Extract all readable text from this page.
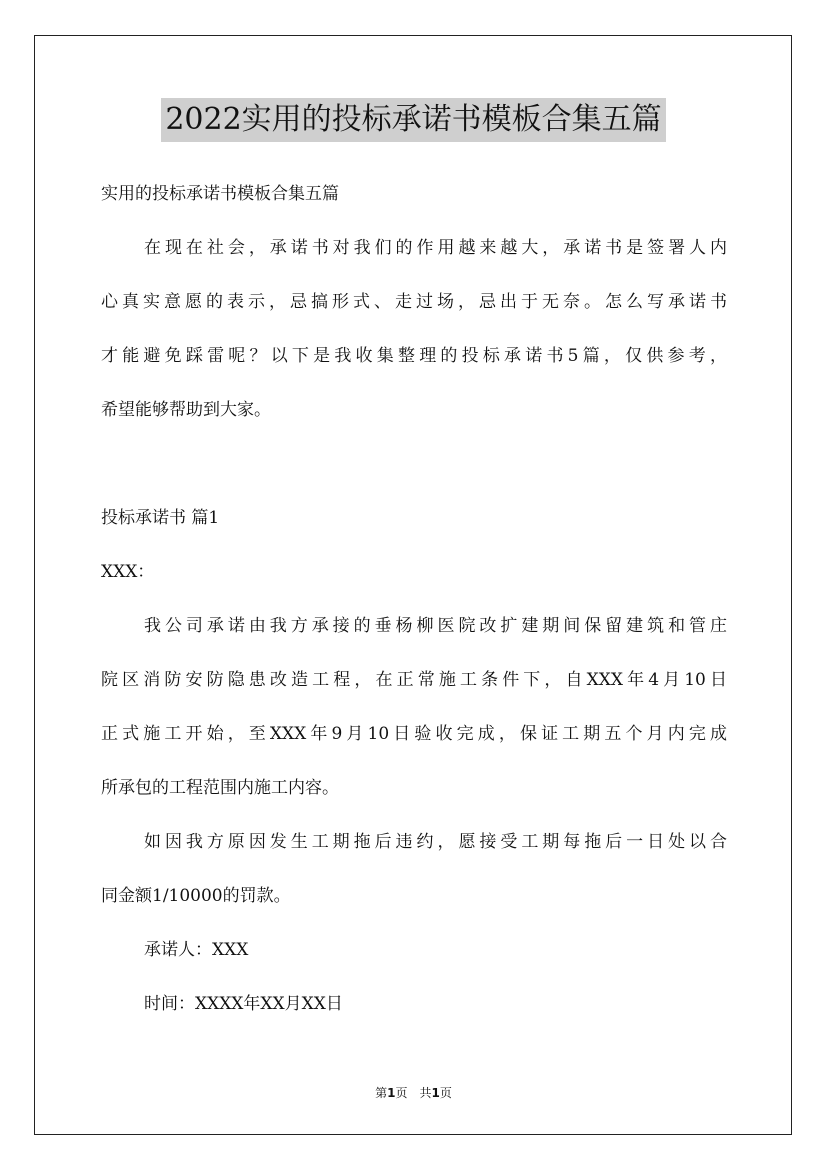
2022实用的投标承诺书模板合集五篇
实用的投标承诺书模板合集五篇
在现在社会，承诺书对我们的作用越来越大，承诺书是签署人内
心真实意愿的表示，忌搞形式、走过场，忌出于无奈。怎么写承诺书
才能避免踩雷呢？以下是我收集整理的投标承诺书5篇，仅供参考，
希望能够帮助到大家。
投标承诺书 篇1
XXX：
我公司承诺由我方承接的垂杨柳医院改扩建期间保留建筑和管庄
院区消防安防隐患改造工程，在正常施工条件下，自XXX年4月10日
正式施工开始，至XXX年9月10日验收完成，保证工期五个月内完成
所承包的工程范围内施工内容。
如因我方原因发生工期拖后违约，愿接受工期每拖后一日处以合
同金额1/10000的罚款。
承诺人：XXX
时间：XXXX年XX月XX日
第1页　共1页
